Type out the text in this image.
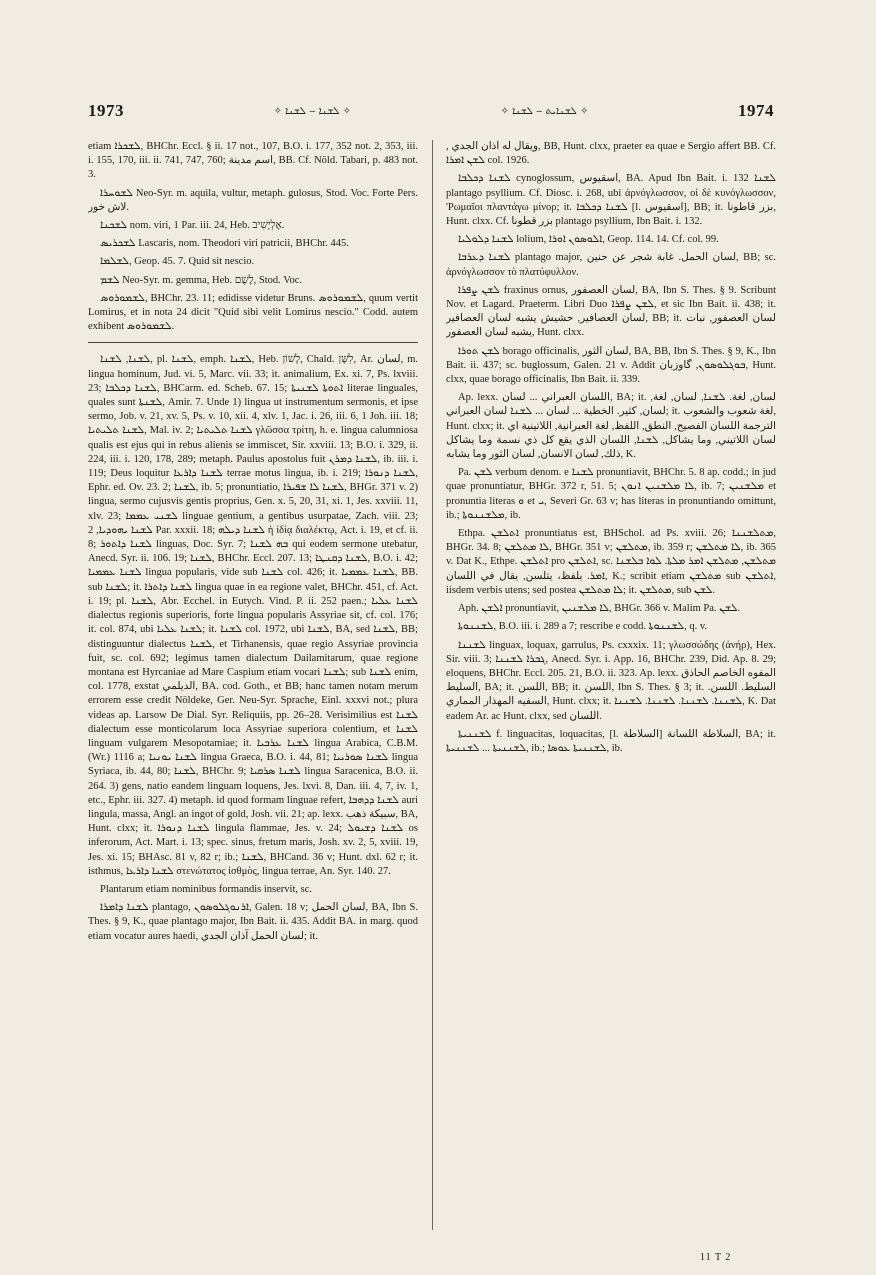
1973	✧ ܠܫܢܐ ‒ ܠܫܢܐ ✧	✧ ܠܫܢܐܝܬ ‒ ܠܫܢܐ ✧	1974

etiam ܠܫܟܪܐ, BHChr. Eccl. § ii. 17 not., 107, B.O. i. 177, 352 not. 2, 353, iii. i. 155, 170, iii. ii. 741, 747, 760; اسم مدينة, BB. Cf. Nöld. Tabari, p. 483 not. 3.

ܠܫܘܚܪܐ Neo-Syr. m. aquila, vultur, metaph. gulosus, Stod. Voc. Forte Pers. لاش خور.

ܠܫܟܢܐ nom. viri, 1 Par. iii. 24, Heb. אֶלְיָשִׁיב.

ܠܫܟܪܝܣ Lascaris, nom. Theodori viri patricii, BHChr. 445.

ܠܫܠܡܐ, Geop. 45. 7. Quid sit nescio.

ܠܫܡ Neo-Syr. m. gemma, Heb. לֶשֶׁם, Stod. Voc.

ܠܫܡܘܪܘܣ, BHChr. 23. 11; edidisse videtur Bruns. ܠܫܡܘܪܘܣ, quum vertit Lomirus, et in nota 24 dicit "Quid sibi velit Lomirus nescio." Codd. autem exhibent ܠܫܡܘܪܘܣ.

ܠܫܢܐ, ܠܫܢܐ, pl. ܠܫܢܐ, emph. ܠܫܢܐ, Heb. לָשׁוֹן, Chald. לִשָּׁן, Ar. لسان, m. lingua hominum, Jud. vi. 5, Marc. vii. 33; it. animalium, Ex. xi. 7, Ps. lxviii. 23; ܠܫܢܐ ܕܟܠܒܐ, BHCarm. ed. Scheb. 67. 15; ܐܬܘܬܐ ܠܫܢܝܬܐ literae linguales, quales sunt ܠܫܢܬܐ, Amir. 7. Unde 1) lingua ut instrumentum sermonis, et ipse sermo, Job. v. 21, xv. 5, Ps. v. 10, xii. 4, xlv. 1, Jac. i. 26, iii. 6, 1 Joh. iii. 18; ܠܫܢܐ ܬܠܝܬܝܐ, Mal. iv. 2; ܠܫܢܐ ܬܠܝܬܝܐ γλῶσσα τρίτη, h. e. lingua calumniosa qualis est ejus qui in rebus alienis se immiscet, Sir. xxviii. 13; B.O. i. 329, ii. 224, iii. i. 120, 178, 289; metaph. Paulus apostolus fuit ܠܫܢܐ ܕܡܪܢ, ib. iii. i. 119; Deus loquitur ܠܫܢܐ ܕܐܪܥܐ terrae motus lingua, ib. i. 219; ܠܫܢܐ ܕܢܘܪܐ, Ephr. ed. Ov. 23. 2; ܠܫܢܐ, ib. 5; pronuntiatio, ܠܫܢܐ ܠܐ ܫܦܝܪܐ, BHGr. 371 v. 2) lingua, sermo cujusvis gentis proprius, Gen. x. 5, 20, 31, xi. 1, Jes. xxviii. 11, xlv. 23; ܠܫܢܝ ܥܡܡܐ linguae gentium, a gentibus usurpatae, Zach. viii. 23; ܠܫܢܐ ܝܗܘܕܝܐ, 2 Par. xxxii. 18; ܠܫܢܐ ܕܝܠܗ ἡ ἰδίᾳ διαλέκτῳ, Act. i. 19, et cf. ii. 8; ܠܫܢܐ ܕܐܬܘܪ linguas, Doc. Syr. 7; ܒܗ ܠܫܢܐ qui eodem sermone utebatur, Anecd. Syr. ii. 106. 19; ܠܫܢܐ, BHChr. Eccl. 207. 13; ܠܫܢܐ ܕܩܢܛܐ, B.O. i. 42; ܠܫܢܐ ܥܡܡܝܐ lingua popularis, vide sub ܠܫܢܐ col. 426; it. ܠܫܢܐ ܥܡܡܝܐ, BB. sub ܠܫܢܐ; it. ܠܫܢܐ ܕܐܬܪܐ lingua quae in ea regione valet, BHChr. 451, cf. Act. i. 19; pl. ܠܫܢܐ, Abr. Ecchel. in Eutych. Vind. P. ii. 252 paen.; ܠܫܢܐ ܥܠܝܐ dialectus regionis superioris, forte lingua popularis Assyriae sit, cf. col. 176; it. col. 874, ubi ܠܫܢܐ ܥܠܝܐ; it. ܠܫܢܐ col. 1972, ubi ܠܫܢܐ, BA, sed ܠܫܢܐ, BB; distinguuntur dialectus ܠܫܢܐ, et Tirhanensis, quae regio Assyriae provincia fuit, sc. col. 692; legimus tamen dialectum Dailamitarum, quae regione montana est Hyrcaniae ad Mare Caspium etiam vocari ܠܫܢܐ; sub ܠܫܢܐ enim, col. 1778, exstat الديلمي, BA. cod. Goth., et BB; hanc tamen notam merum errorem esse credit Nöldeke, Ger. Neu-Syr. Sprache, Einl. xxxvi not.; plura videas ap. Larsow De Dial. Syr. Reliquiis, pp. 26–28. Verisimilius est ܠܫܢܐ dialectum esse monticolarum loca Assyriae superiora colentium, et ܠܫܢܐ linguam vulgarem Mesopotamiae; it. ܠܫܢܐ ܥܪܒܝܐ lingua Arabica, C.B.M. (Wr.) 1116 a; ܠܫܢܐ ܝܘܢܝܐ lingua Graeca, B.O. i. 44, 81; ܠܫܢܐ ܣܘܪܝܝܐ lingua Syriaca, ib. 44, 80; ܠܫܢܐ, BHChr. 9; ܠܫܢܐ ܣܪܩܝܐ lingua Saracenica, B.O. ii. 264. 3) gens, natio eandem linguam loquens, Jes. lxvi. 8, Dan. iii. 4, 7, iv. 1, etc., Ephr. iii. 327. 4) metaph. id quod formam linguae refert, ܠܫܢܐ ܕܕܗܒܐ auri lingula, massa, Angl. an ingot of gold, Josh. vii. 21; ap. lexx. سبيكة ذهب, BA, Hunt. clxx; it. ܠܫܢܐ ܕܢܘܪܐ lingula flammae, Jes. v. 24; ܠܫܢܐ ܕܫܝܘܠ os inferorum, Act. Mart. i. 13; spec. sinus, fretum maris, Josh. xv. 2, 5, xviii. 19, Jes. xi. 15; BHAsc. 81 v, 82 r; ib.; ܠܫܢܐ, BHCand. 36 v; Hunt. dxl. 62 r; it. isthmus, ܠܫܢܐ ܕܐܪܥܐ στενώτατος ἰσθμὸς, lingua terrae, An. Syr. 140. 27.

Plantarum etiam nominibus formandis inservit, sc.

ܠܫܢܐ ܕܐܡܪܐ plantago, ܐܪܢܘܓܠܘܣܘܢ, Galen. 18 v; لسان الحمل, BA, Ibn S. Thes. § 9, K., quae plantago major, Ibn Bait. ii. 435. Addit BA. in marg. quod etiam vocatur aures haedi, لسان الحمل آذان الجدي; it.

, ويقال له آذان الجدي, BB, Hunt. clxx, praeter ea quae e Sergio affert BB. Cf. ܠܫܢ ܐܡܪܐ col. 1926.

ܠܫܢܐ ܕܟܠܒܐ cynoglossum, اسقيوس, BA. Apud Ibn Bait. i. 132 ܠܫܢܐ plantago psyllium. Cf. Diosc. i. 268, ubi ἀρνόγλωσσον, οἱ δὲ κυνόγλωσσον, 'Ρωμαῖοι πλαντάγω μίνορ; it. ܠܫܢܐ ܕܟܠܒܐ [l. اسقيوس], BB; it. بزر قاطونا, Hunt. clxx. Cf. بزر قطونا plantago psyllium, Ibn Bait. i. 132.

ܠܫܢܐ ܕܠܘܠܝܐ lolium, ܐܠܘܣܘܢ ܐܘܪܐ, Geop. 114. 14. Cf. col. 99.

ܠܫܢܐ ܕܥܪܒܐ plantago major, لسان الحمل. غابة شجر عن حنين, BB; sc. ἀρνόγλωσσον τὸ πλατύφυλλον.

ܠܫܢ ܨܦܪܐ fraxinus ornus, لسان العصفور, BA, Ibn S. Thes. § 9. Scribunt Nov. et Lagard. Praeterm. Libri Duo ܠܫܢ ܨܦܪܐ, et sic Ibn Bait. ii. 438; it. لسان العصافير, حشيش يشبه لسان العصافير, BB; it. لسان العصفور, نبات يشبه لسان العصفور, Hunt. clxx.

ܠܫܢ ܬܘܪܐ borago officinalis, لسان الثور, BA, BB, Ibn S. Thes. § 9, K., Ibn Bait. ii. 437; sc. buglossum, Galen. 21 v. Addit ܒܘܓܠܘܣܘܢ, گاوزبان, Hunt. clxx, quae borago officinalis, Ibn Bait. ii. 339.

Ap. lexx. اللسان العبراني ... لسان, BA; it. لسان, لغة. ܠܫܢܐ, لسان, لغة, لسان, كثير. الخطية ... لسان ... ܠܫܢܐ لسان العبراني; it. لغة شعوب والشعوب, Hunt. clxx; it. الترجمة اللسان الفصيح, النطق, اللفظ, لغة العبرانية, اللاتينية اي لسان اللاتيني, وما يشاكل, ܠܫܢܐ, اللسان الذي يقع كل ذي نسمة وما يشاكل ذلك, لسان الانسان, لسان الثور وما يشابه, K.

Pa. ܠܫܢ verbum denom. e ܠܫܢܐ pronuntiavit, BHChr. 5. 8 ap. codd.; in jud quae pronuntiatur, BHGr. 372 r, 51. 5; ܠܐ ܡܠܫܢܝܢ ܐܢܘܢ, ib. 7; ܡܠܫܢܝܢ et pronuntia literas ܘ et ܝ, Severi Gr. 63 v; has literas in pronuntiando omittunt, ib.; ܡܠܫܢܢܘܬܐ, ib.

Ethpa. ܐܬܠܫܢ pronuntiatus est, BHSchol. ad Ps. xviii. 26; ܡܬܠܫܢܢܐ, BHGr. 34. 8; ܠܐ ܡܬܠܫܢ, BHGr. 351 v; ܡܬܠܫܢ, ib. 359 r; ܠܐ ܡܬܠܫܢ, ib. 365 v. Dat K., Ethpe. ܐܬܠܫܢ pro ܐܬܠܫܢ, sc. ܡܬܠܫܢ, ܡܬܠܫܢ ܐܡܪ ܡܠܬܐ. ܠܘܐ ܒܠܫܢܐ ܐܡܪ. بلفظ، يتلسن, يقال في اللسان, K.; scribit etiam ܡܬܠܫܢ sub ܐܬܠܫܢ, iisdem verbis utens; sed postea ܠܐ ܡܬܠܫܢ; it. ܡܬܠܫܢ, sub ܠܫܢ.

Aph. ܐܠܫܢ pronuntiavit, ܠܐ ܡܠܫܢܝܢ, BHGr. 366 v. Malim Pa. ܠܫܢ.

ܠܫܢܢܘܬܐ, B.O. iii. i. 289 a 7; rescribe e codd. ܠܫܢܢܘܬܐ, q. v.

ܠܫܢܢܐ linguax, loquax, garrulus, Ps. cxxxix. 11; γλωσσώδης (ἀνήρ), Hex. Sir. viii. 3; ܓܒܪܐ ܠܫܢܢܐ, Anecd. Syr. i. App. 16, BHChr. 239, Did. Ap. 8. 29; eloquens, BHChr. Eccl. 205. 21, B.O. ii. 323. Ap. lexx. المفوه الخاصم الحاذق السليط, BA; it. اللسن, BB; it. اللسن, Ibn S. Thes. § 3; it. السليط. اللسن. السفيه المهذار المماري, Hunt. clxx; it. ܠܫܢܢܐ. ܠܫܢܢܐ. ܠܫܢܢܐ. ܠܫܢܢܐ, K. Dat eadem Ar. ac Hunt. clxx, sed اللسان.

ܠܫܢܢܝܬܐ f. linguacitas, loquacitas, [l. السلاطة] السلاطة اللسانة, BA; it. ܠܫܢܢܝܬܐ ... ܠܫܢܢܝܬܐ, ib.; ܠܫܢܢܝܬܐ ܥܘܣܐ, ib.

11 T 2
